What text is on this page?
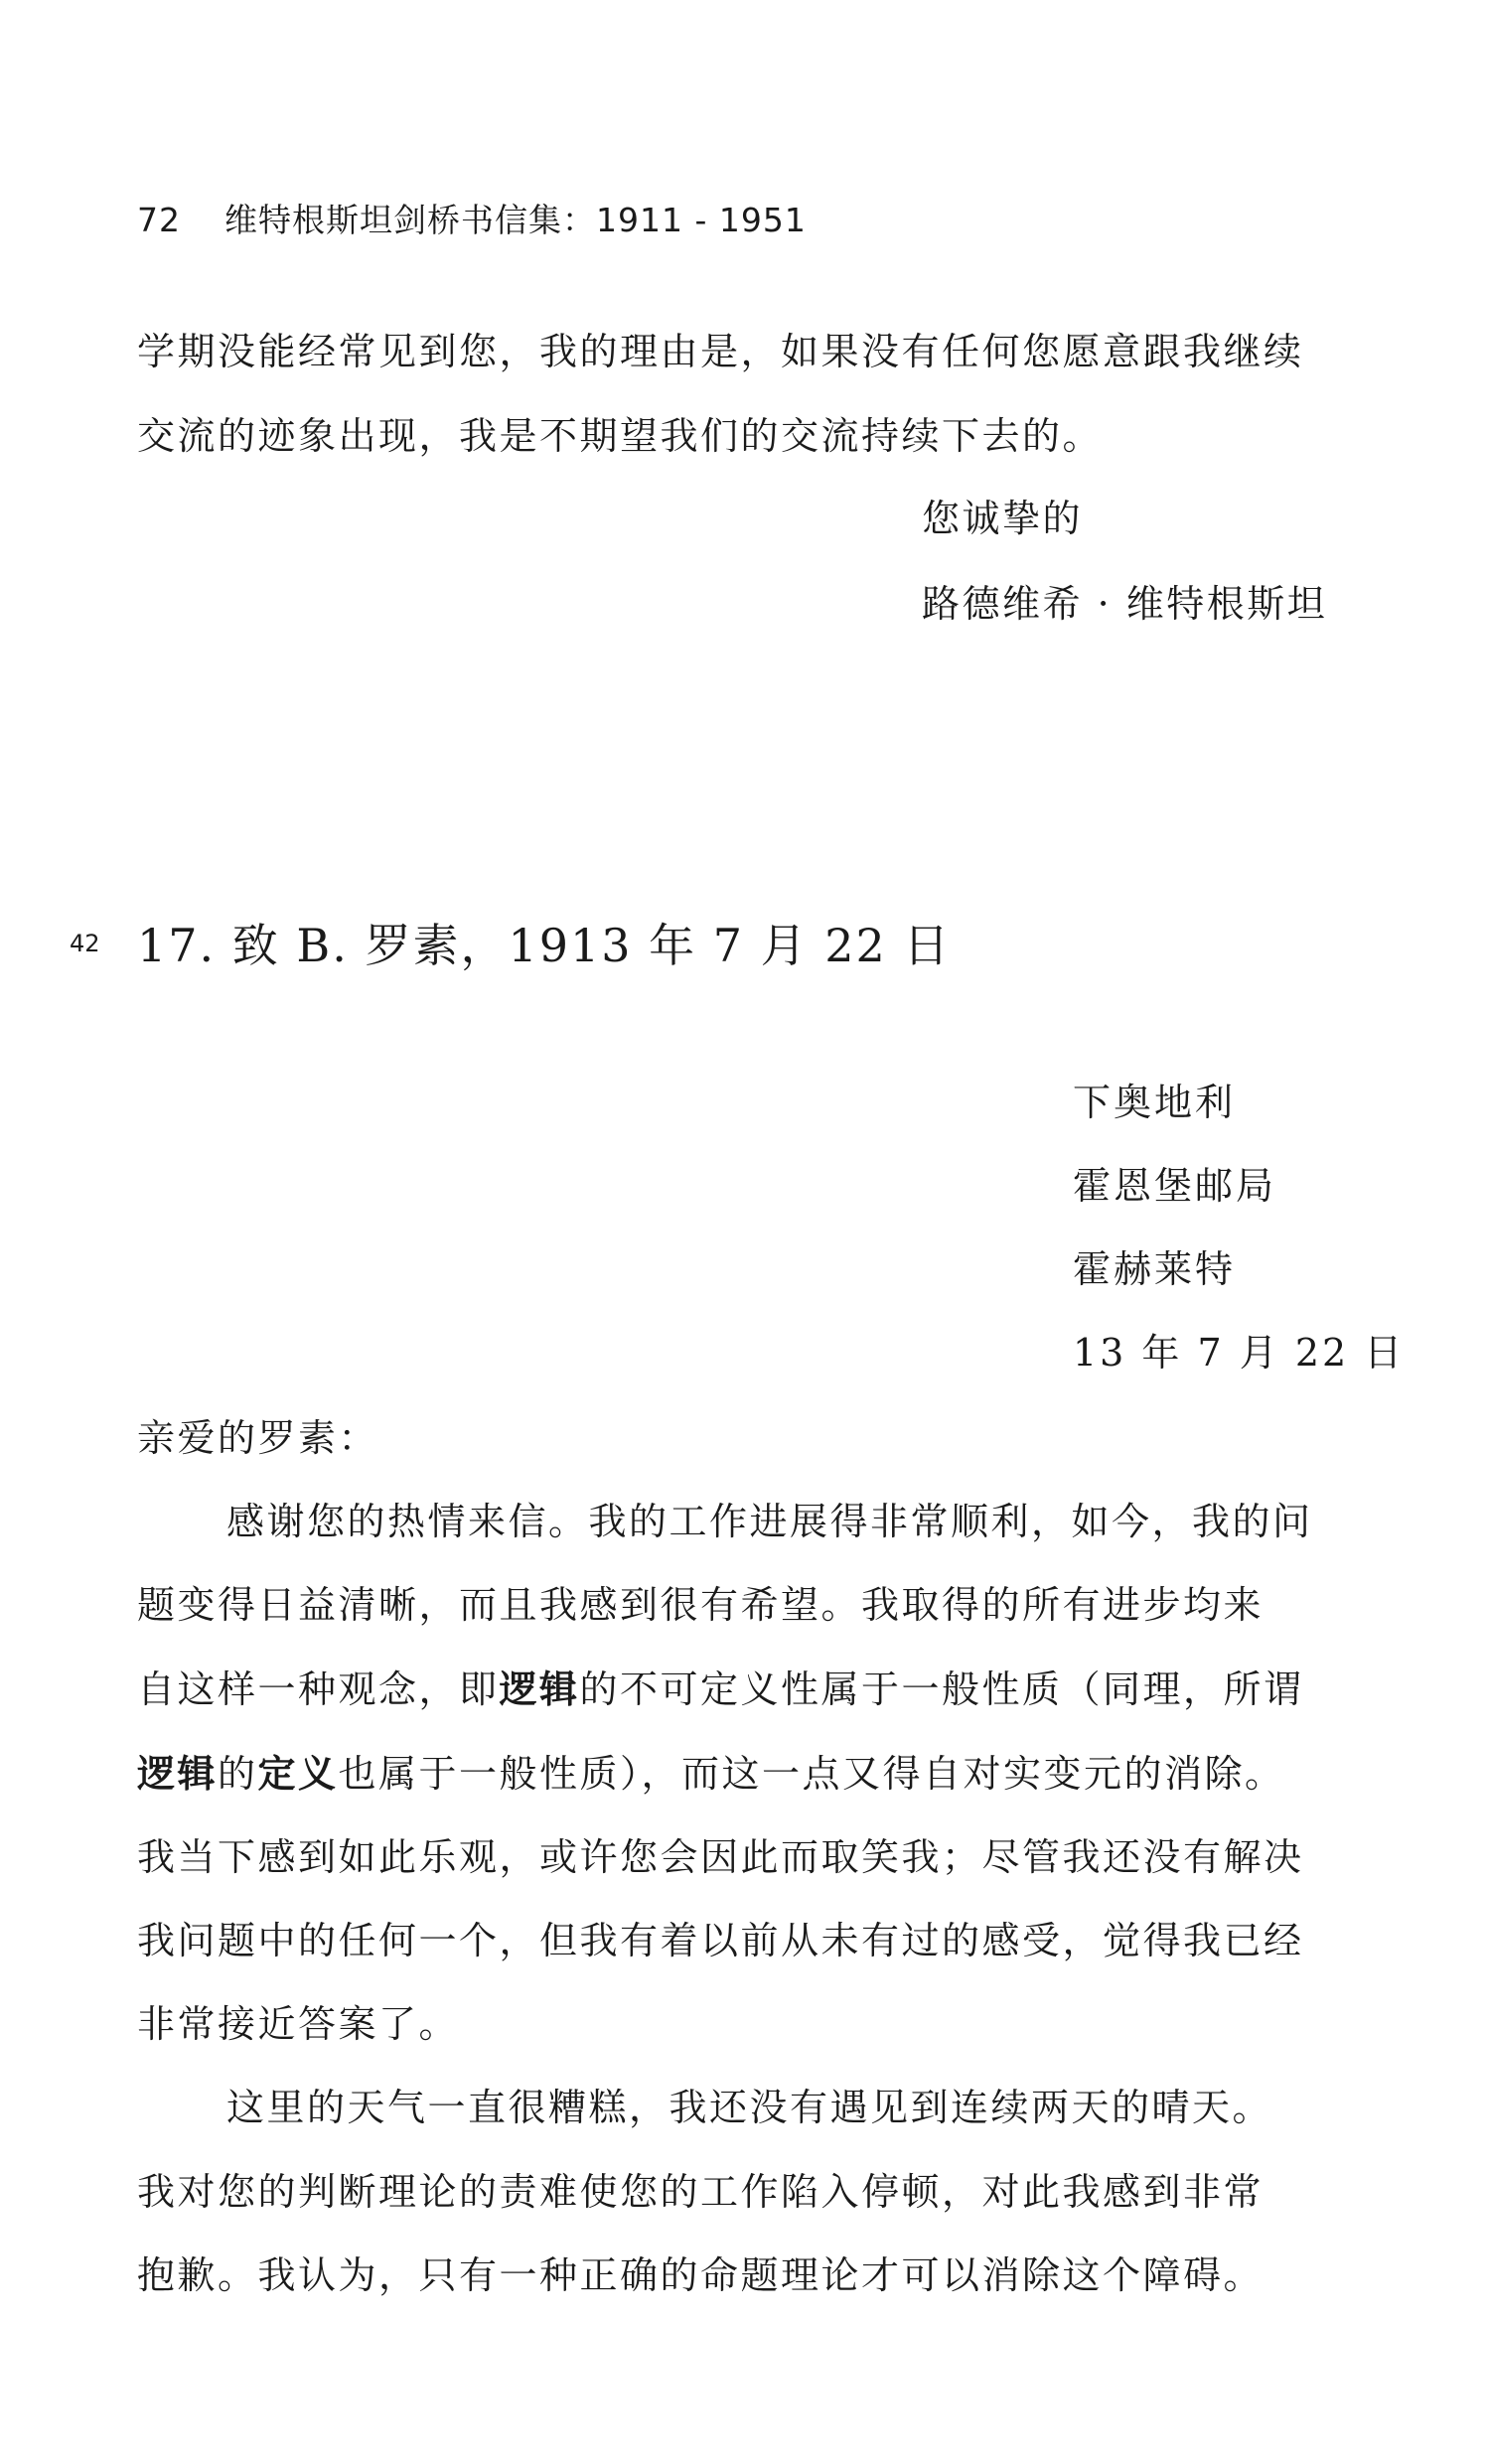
72 维特根斯坦剑桥书信集：1911 - 1951
学期没能经常见到您，我的理由是，如果没有任何您愿意跟我继续
交流的迹象出现，我是不期望我们的交流持续下去的。
您诚挚的
路德维希 · 维特根斯坦
42 17. 致 B. 罗素，1913 年 7 月 22 日
下奥地利
霍恩堡邮局
霍赫莱特
13 年 7 月 22 日
亲爱的罗素：
感谢您的热情来信。我的工作进展得非常顺利，如今，我的问
题变得日益清晰，而且我感到很有希望。我取得的所有进步均来
自这样一种观念，即逻辑的不可定义性属于一般性质（同理，所谓
逻辑的定义也属于一般性质），而这一点又得自对实变元的消除。
我当下感到如此乐观，或许您会因此而取笑我；尽管我还没有解决
我问题中的任何一个，但我有着以前从未有过的感受，觉得我已经
非常接近答案了。
这里的天气一直很糟糕，我还没有遇见到连续两天的晴天。
我对您的判断理论的责难使您的工作陷入停顿，对此我感到非常
抱歉。我认为，只有一种正确的命题理论才可以消除这个障碍。
